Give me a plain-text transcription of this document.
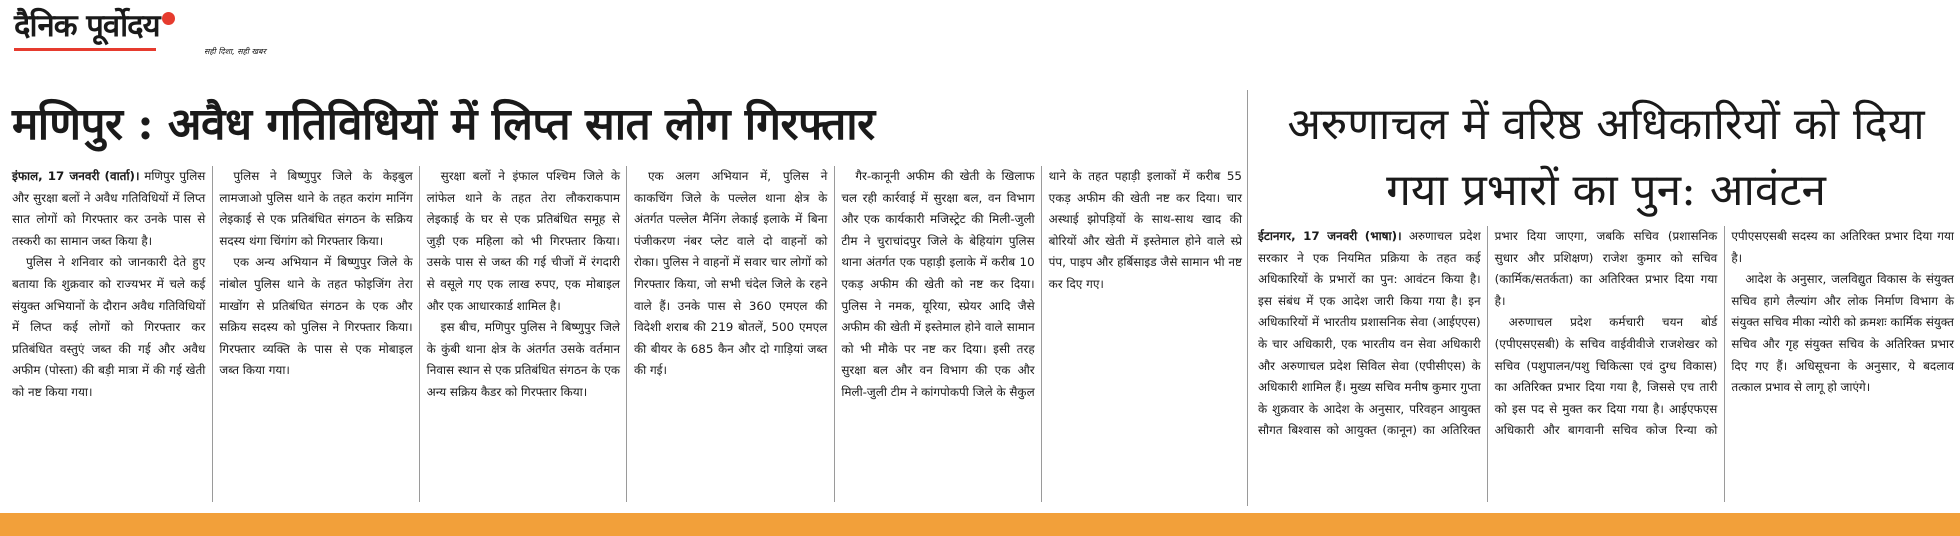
दैनिक पूर्वोदय
सही दिशा, सही खबर
मणिपुर : अवैध गतिविधियों में लिप्त सात लोग गिरफ्तार

इंफाल, 17 जनवरी (वार्ता)। मणिपुर पुलिस और सुरक्षा बलों ने अवैध गतिविधियों में लिप्त सात लोगों को गिरफ्तार कर उनके पास से तस्करी का सामान जब्त किया है।

पुलिस ने शनिवार को जानकारी देते हुए बताया कि शुक्रवार को राज्यभर में चले कई संयुक्त अभियानों के दौरान अवैध गतिविधियों में लिप्त कई लोगों को गिरफ्तार कर प्रतिबंधित वस्तुएं जब्त की गई और अवैध अफीम (पोस्ता) की बड़ी मात्रा में की गई खेती को नष्ट किया गया।

पुलिस ने बिष्णुपुर जिले के केइबुल लामजाओ पुलिस थाने के तहत करांग मानिंग लेइकाई से एक प्रतिबंधित संगठन के सक्रिय सदस्य थंगा चिंगांग को गिरफ्तार किया।

एक अन्य अभियान में बिष्णुपुर जिले के नांबोल पुलिस थाने के तहत फोइजिंग तेरा माखोंग से प्रतिबंधित संगठन के एक और सक्रिय सदस्य को पुलिस ने गिरफ्तार किया। गिरफ्तार व्यक्ति के पास से एक मोबाइल जब्त किया गया।

सुरक्षा बलों ने इंफाल पश्चिम जिले के लांफेल थाने के तहत तेरा लौकराकपाम लेइकाई के घर से एक प्रतिबंधित समूह से जुड़ी एक महिला को भी गिरफ्तार किया। उसके पास से जब्त की गई चीजों में रंगदारी से वसूले गए एक लाख रुपए, एक मोबाइल और एक आधारकार्ड शामिल है।

इस बीच, मणिपुर पुलिस ने बिष्णुपुर जिले के कुंबी थाना क्षेत्र के अंतर्गत उसके वर्तमान निवास स्थान से एक प्रतिबंधित संगठन के एक अन्य सक्रिय कैडर को गिरफ्तार किया।

एक अलग अभियान में, पुलिस ने काकचिंग जिले के पल्लेल थाना क्षेत्र के अंतर्गत पल्लेल मैनिंग लेकाई इलाके में बिना पंजीकरण नंबर प्लेट वाले दो वाहनों को रोका। पुलिस ने वाहनों में सवार चार लोगों को गिरफ्तार किया, जो सभी चंदेल जिले के रहने वाले हैं। उनके पास से 360 एमएल की विदेशी शराब की 219 बोतलें, 500 एमएल की बीयर के 685 कैन और दो गाड़ियां जब्त की गई।

गैर-कानूनी अफीम की खेती के खिलाफ चल रही कार्रवाई में सुरक्षा बल, वन विभाग और एक कार्यकारी मजिस्ट्रेट की मिली-जुली टीम ने चुराचांदपुर जिले के बेहियांग पुलिस थाना अंतर्गत एक पहाड़ी इलाके में करीब 10 एकड़ अफीम की खेती को नष्ट कर दिया। पुलिस ने नमक, यूरिया, स्प्रेयर आदि जैसे अफीम की खेती में इस्तेमाल होने वाले सामान को भी मौके पर नष्ट कर दिया। इसी तरह सुरक्षा बल और वन विभाग की एक और मिली-जुली टीम ने कांगपोकपी जिले के सैकुल थाने के तहत पहाड़ी इलाकों में करीब 55 एकड़ अफीम की खेती नष्ट कर दिया। चार अस्थाई झोपड़ियों के साथ-साथ खाद की बोरियों और खेती में इस्तेमाल होने वाले स्प्रे पंप, पाइप और हर्बिसाइड जैसे सामान भी नष्ट कर दिए गए।

अरुणाचल में वरिष्ठ अधिकारियों को दिया गया प्रभारों का पुन: आवंटन

ईटानगर, 17 जनवरी (भाषा)। अरुणाचल प्रदेश सरकार ने एक नियमित प्रक्रिया के तहत कई अधिकारियों के प्रभारों का पुन: आवंटन किया है। इस संबंध में एक आदेश जारी किया गया है। इन अधिकारियों में भारतीय प्रशासनिक सेवा (आईएएस) के चार अधिकारी, एक भारतीय वन सेवा अधिकारी और अरुणाचल प्रदेश सिविल सेवा (एपीसीएस) के अधिकारी शामिल हैं। मुख्य सचिव मनीष कुमार गुप्ता के शुक्रवार के आदेश के अनुसार, परिवहन आयुक्त सौगत बिश्वास को आयुक्त (कानून) का अतिरिक्त प्रभार दिया जाएगा, जबकि सचिव (प्रशासनिक सुधार और प्रशिक्षण) राजेश कुमार को सचिव (कार्मिक/सतर्कता) का अतिरिक्त प्रभार दिया गया है।

अरुणाचल प्रदेश कर्मचारी चयन बोर्ड (एपीएसएसबी) के सचिव वाईवीवीजे राजशेखर को सचिव (पशुपालन/पशु चिकित्सा एवं दुग्ध विकास) का अतिरिक्त प्रभार दिया गया है, जिससे एच तारी को इस पद से मुक्त कर दिया गया है। आईएफएस अधिकारी और बागवानी सचिव कोज रिन्या को एपीएसएसबी सदस्य का अतिरिक्त प्रभार दिया गया है।

आदेश के अनुसार, जलविद्युत विकास के संयुक्त सचिव हागे लैल्यांग और लोक निर्माण विभाग के संयुक्त सचिव मीका न्योरी को क्रमशः कार्मिक संयुक्त सचिव और गृह संयुक्त सचिव के अतिरिक्त प्रभार दिए गए हैं। अधिसूचना के अनुसार, ये बदलाव तत्काल प्रभाव से लागू हो जाएंगे।
